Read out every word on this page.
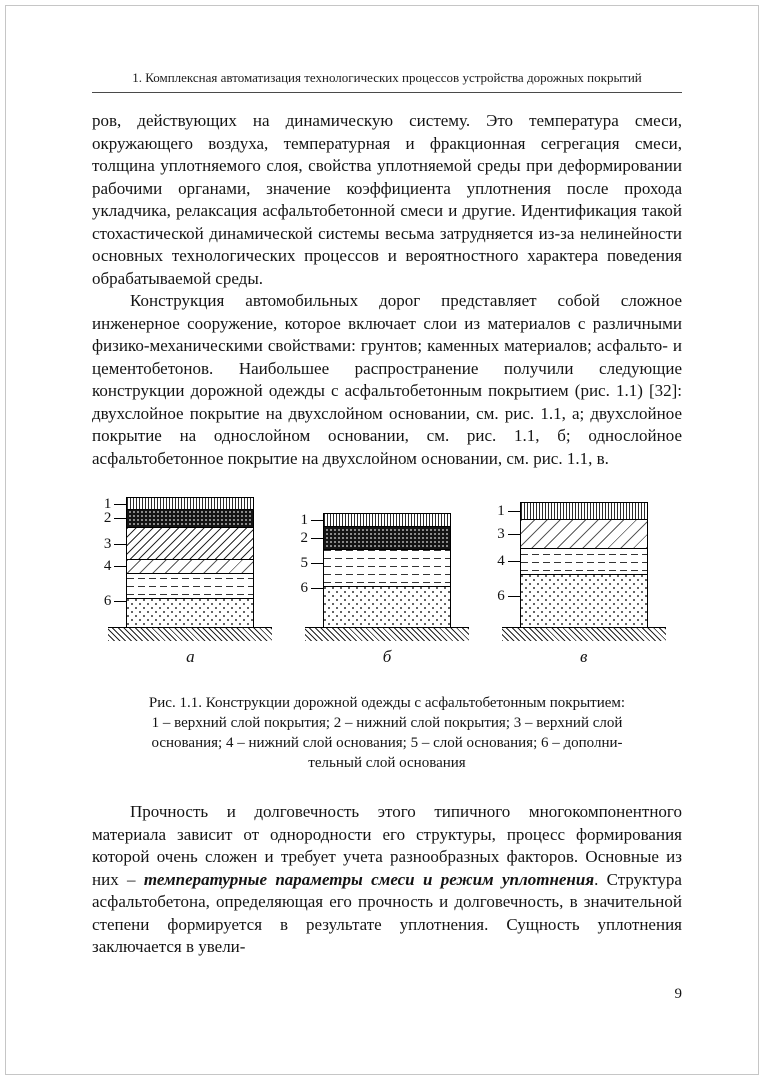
1. Комплексная автоматизация технологических процессов устройства дорожных покрытий

ров, действующих на динамическую систему. Это температура смеси, окружающего воздуха, температурная и фракционная сегрегация смеси, толщина уплотняемого слоя, свойства уплотняемой среды при деформировании рабочими органами, значение коэффициента уплотнения после прохода укладчика, релаксация асфальтобетонной смеси и другие. Идентификация такой стохастической динамической системы весьма затрудняется из-за нелинейности основных технологических процессов и вероятностного характера поведения обрабатываемой среды.

Конструкция автомобильных дорог представляет собой сложное инженерное сооружение, которое включает слои из материалов с различными физико-механическими свойствами: грунтов; каменных материалов; асфальто- и цементобетонов. Наибольшее распространение получили следующие конструкции дорожной одежды с асфальтобетонным покрытием (рис. 1.1) [32]: двухслойное покрытие на двухслойном основании, см. рис. 1.1, а; двухслойное покрытие на однослойном основании, см. рис. 1.1, б; однослойное асфальтобетонное покрытие на двухслойном основании, см. рис. 1.1, в.

1
2
3
4
6
а
1
2
5
6
б
1
3
4
6
в
Рис. 1.1. Конструкции дорожной одежды с асфальтобетонным покрытием:
1 – верхний слой покрытия; 2 – нижний слой покрытия; 3 – верхний слой
основания; 4 – нижний слой основания; 5 – слой основания; 6 – дополни-
тельный слой основания

Прочность и долговечность этого типичного многокомпонентного материала зависит от однородности его структуры, процесс формирования которой очень сложен и требует учета разнообразных факторов. Основные из них – температурные параметры смеси и режим уплотнения. Структура асфальтобетона, определяющая его прочность и долговечность, в значительной степени формируется в результате уплотнения. Сущность уплотнения заключается в увели-

9
